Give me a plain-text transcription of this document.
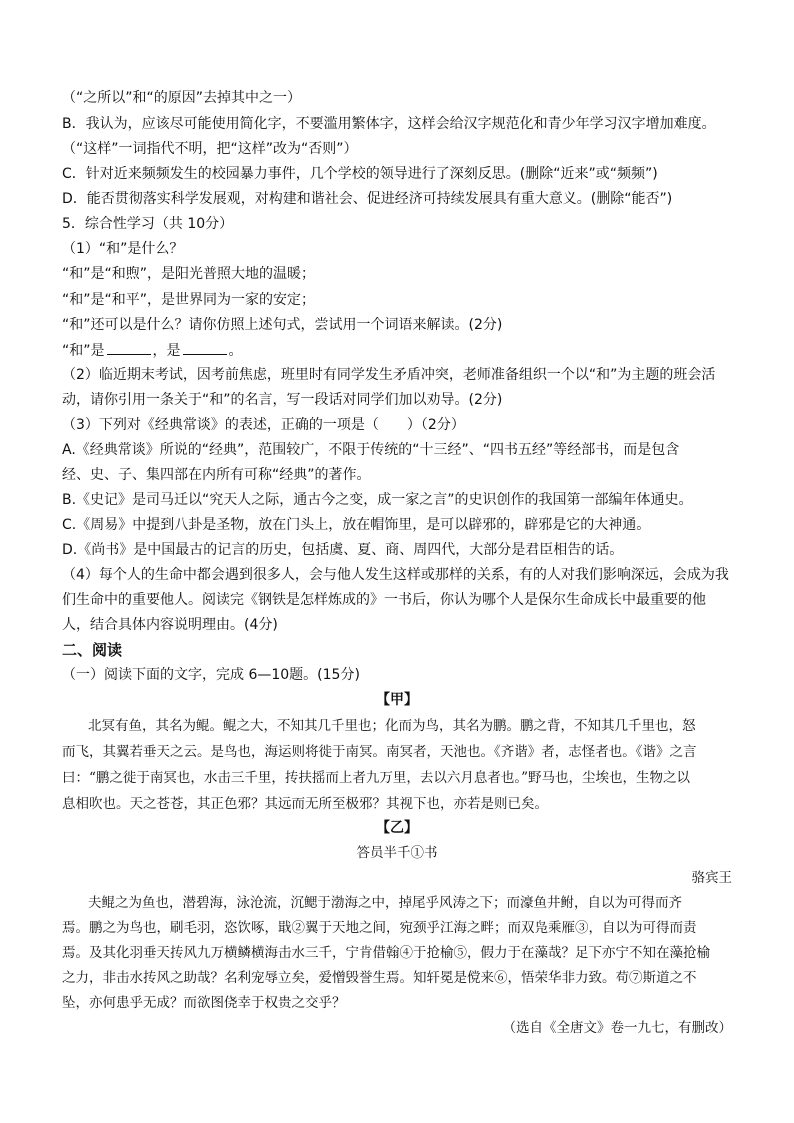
（“之所以”和“的原因”去掉其中之一）
B．我认为，应该尽可能使用简化字，不要滥用繁体字，这样会给汉字规范化和青少年学习汉字增加难度。
（“这样”一词指代不明，把“这样”改为“否则”）
C．针对近来频频发生的校园暴力事件，几个学校的领导进行了深刻反思。(删除“近来”或“频频”)
D．能否贯彻落实科学发展观，对构建和谐社会、促进经济可持续发展具有重大意义。(删除“能否”)
5．综合性学习（共 10分）
（1）“和”是什么？
“和”是“和煦”，是阳光普照大地的温暖；
“和”是“和平”，是世界同为一家的安定；
“和”还可以是什么？请你仿照上述句式，尝试用一个词语来解读。(2分)
“和”是	，是	。
（2）临近期末考试，因考前焦虑，班里时有同学发生矛盾冲突，老师准备组织一个以“和”为主题的班会活
动，请你引用一条关于“和”的名言，写一段话对同学们加以劝导。(2分)
（3）下列对《经典常谈》的表述，正确的一项是（　　）（2分）
A.《经典常谈》所说的“经典”，范围较广，不限于传统的“十三经”、“四书五经”等经部书，而是包含
经、史、子、集四部在内所有可称“经典”的著作。
B.《史记》是司马迁以“究天人之际，通古今之变，成一家之言”的史识创作的我国第一部编年体通史。
C.《周易》中提到八卦是圣物，放在门头上，放在帽饰里，是可以辟邪的，辟邪是它的大神通。
D.《尚书》是中国最古的记言的历史，包括虞、夏、商、周四代，大部分是君臣相告的话。
（4）每个人的生命中都会遇到很多人，会与他人发生这样或那样的关系，有的人对我们影响深远，会成为我
们生命中的重要他人。阅读完《钢铁是怎样炼成的》一书后，你认为哪个人是保尔生命成长中最重要的他
人，结合具体内容说明理由。(4分)
二、阅读
（一）阅读下面的文字，完成 6—10题。(15分)
【甲】
北冥有鱼，其名为鲲。鲲之大，不知其几千里也；化而为鸟，其名为鹏。鹏之背，不知其几千里也，怒
而飞，其翼若垂天之云。是鸟也，海运则将徙于南冥。南冥者，天池也。《齐谐》者，志怪者也。《谐》之言
曰：“鹏之徙于南冥也，水击三千里，抟扶摇而上者九万里，去以六月息者也。”野马也，尘埃也，生物之以
息相吹也。天之苍苍，其正色邪？其远而无所至极邪？其视下也，亦若是则已矣。
【乙】
答员半千①书
骆宾王
夫鲲之为鱼也，潜碧海，泳沧流，沉鳃于渤海之中，掉尾乎风涛之下；而濠鱼井鲋，自以为可得而齐
焉。鹏之为鸟也，刷毛羽，恣饮啄，戢②翼于天地之间，宛颈乎江海之畔；而双凫乘雁③，自以为可得而责
焉。及其化羽垂天抟风九万横鳞横海击水三千，宁肯借翰④于抢榆⑤，假力于在藻哉？足下亦宁不知在藻抢榆
之力，非击水抟风之助哉？名利宠辱立矣，爱憎毁誉生焉。知轩冕是傥来⑥，悟荣华非力致。苟⑦斯道之不
坠，亦何患乎无成？而欲图侥幸于权贵之交乎？
（选自《全唐文》卷一九七，有删改）
